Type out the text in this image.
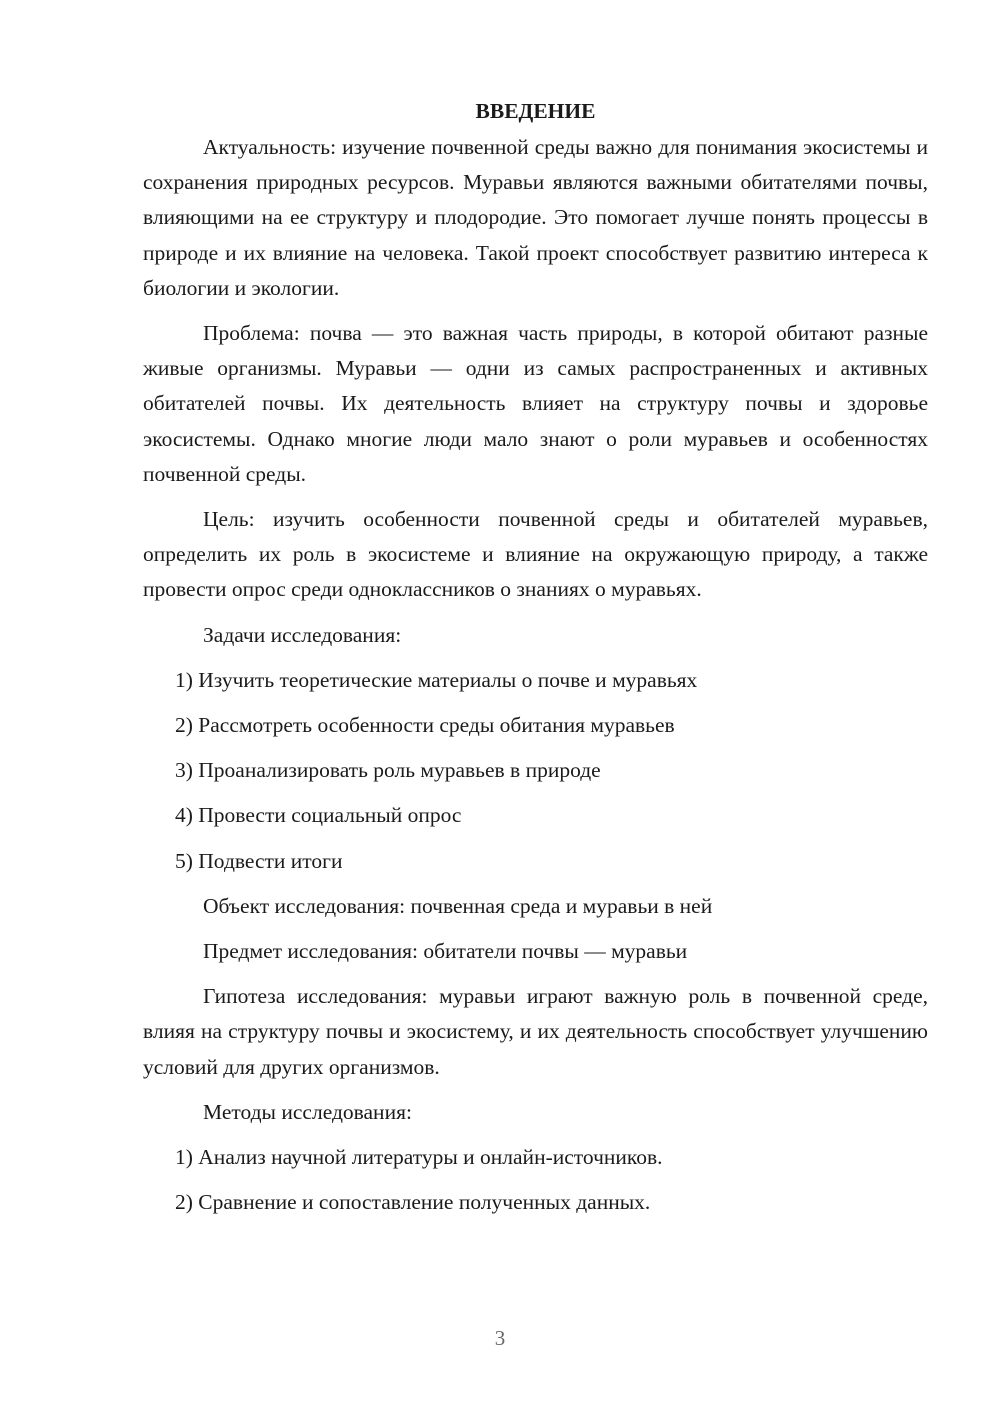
ВВЕДЕНИЕ

Актуальность: изучение почвенной среды важно для понимания экосистемы и сохранения природных ресурсов. Муравьи являются важными обитателями почвы, влияющими на ее структуру и плодородие. Это помогает лучше понять процессы в природе и их влияние на человека. Такой проект способствует развитию интереса к биологии и экологии.

Проблема: почва — это важная часть природы, в которой обитают разные живые организмы. Муравьи — одни из самых распространенных и активных обитателей почвы. Их деятельность влияет на структуру почвы и здоровье экосистемы. Однако многие люди мало знают о роли муравьев и особенностях почвенной среды.

Цель: изучить особенности почвенной среды и обитателей муравьев, определить их роль в экосистеме и влияние на окружающую природу, а также провести опрос среди одноклассников о знаниях о муравьях.

Задачи исследования:

1) Изучить теоретические материалы о почве и муравьях

2) Рассмотреть особенности среды обитания муравьев

3) Проанализировать роль муравьев в природе

4) Провести социальный опрос

5) Подвести итоги

Объект исследования: почвенная среда и муравьи в ней

Предмет исследования: обитатели почвы — муравьи

Гипотеза исследования: муравьи играют важную роль в почвенной среде, влияя на структуру почвы и экосистему, и их деятельность способствует улучшению условий для других организмов.

Методы исследования:

1) Анализ научной литературы и онлайн-источников.

2) Сравнение и сопоставление полученных данных.

3
